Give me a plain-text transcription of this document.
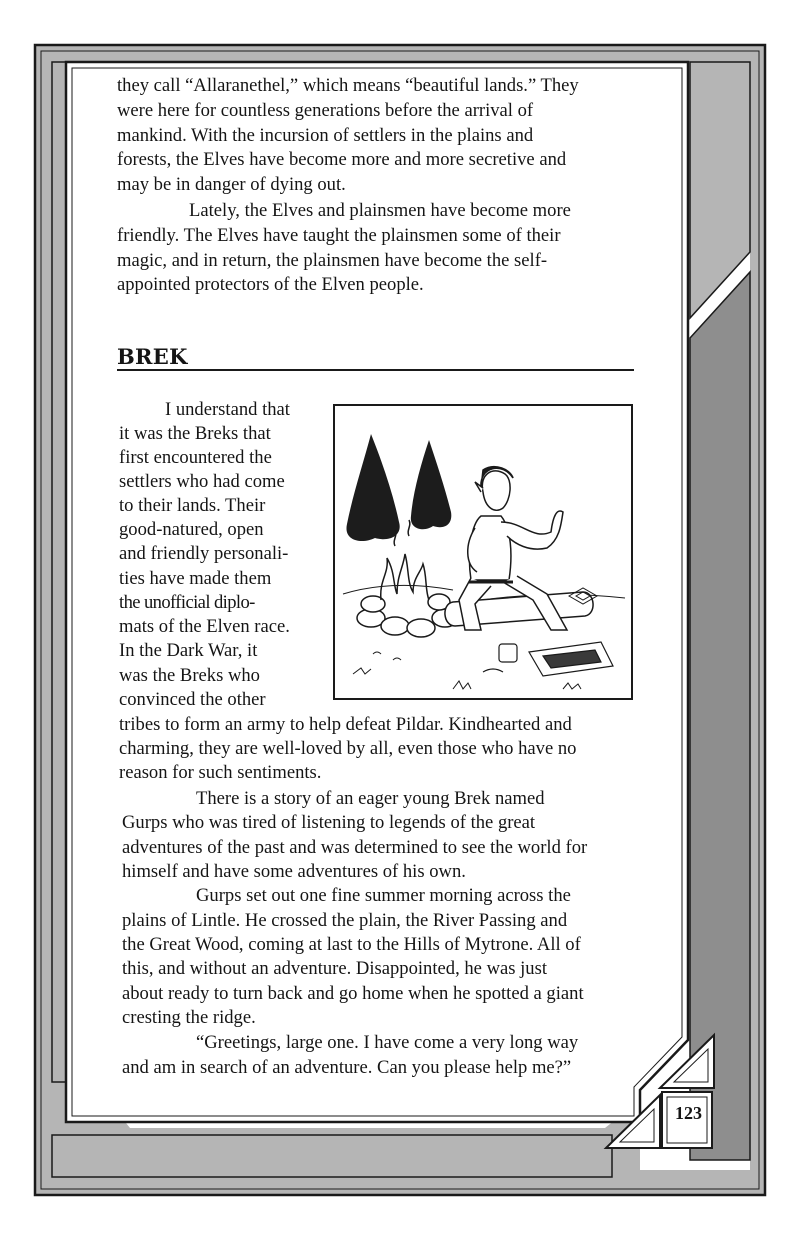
they call “Allaranethel,” which means “beautiful lands.” They

were here for countless generations before the arrival of

mankind. With the incursion of settlers in the plains and

forests, the Elves have become more and more secretive and

may be in danger of dying out.

Lately, the Elves and plainsmen have become more

friendly. The Elves have taught the plainsmen some of their

magic, and in return, the plainsmen have become the self-

appointed protectors of the Elven people.

BREK

I understand that

it was the Breks that

first encountered the

settlers who had come

to their lands. Their

good-natured, open

and friendly personali-

ties have made them

the unofficial diplo-

mats of the Elven race.

In the Dark War, it

was the Breks who

convinced the other

tribes to form an army to help defeat Pildar. Kindhearted and

charming, they are well-loved by all, even those who have no

reason for such sentiments.

There is a story of an eager young Brek named

Gurps who was tired of listening to legends of the great

adventures of the past and was determined to see the world for

himself and have some adventures of his own.

Gurps set out one fine summer morning across the

plains of Lintle. He crossed the plain, the River Passing and

the Great Wood, coming at last to the Hills of Mytrone. All of

this, and without an adventure. Disappointed, he was just

about ready to turn back and go home when he spotted a giant

cresting the ridge.

“Greetings, large one. I have come a very long way

and am in search of an adventure. Can you please help me?”

123
